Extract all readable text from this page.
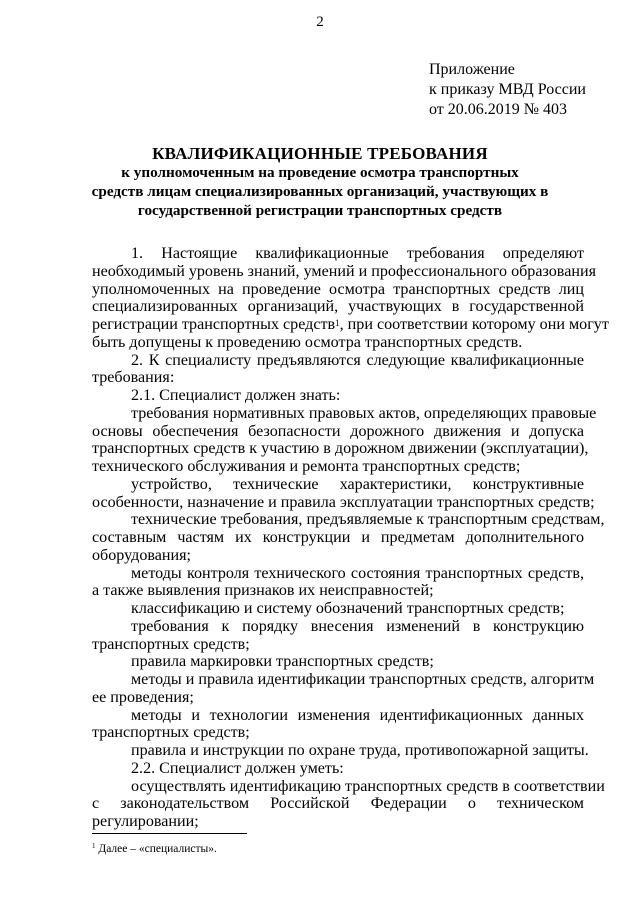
2
Приложение
к приказу МВД России
от 20.06.2019 № 403
КВАЛИФИКАЦИОННЫЕ ТРЕБОВАНИЯ
к уполномоченным на проведение осмотра транспортных
средств лицам специализированных организаций, участвующих в
государственной регистрации транспортных средств
1. Настоящие квалификационные требования определяют
необходимый уровень знаний, умений и профессионального образования
уполномоченных на проведение осмотра транспортных средств лиц
специализированных организаций, участвующих в государственной
регистрации транспортных средств$^1$, при соответствии которому они могут
быть допущены к проведению осмотра транспортных средств.
2. К специалисту предъявляются следующие квалификационные
требования:
2.1. Специалист должен знать:
требования нормативных правовых актов, определяющих правовые
основы обеспечения безопасности дорожного движения и допуска
транспортных средств к участию в дорожном движении (эксплуатации),
технического обслуживания и ремонта транспортных средств;
устройство, технические характеристики, конструктивные
особенности, назначение и правила эксплуатации транспортных средств;
технические требования, предъявляемые к транспортным средствам,
составным частям их конструкции и предметам дополнительного
оборудования;
методы контроля технического состояния транспортных средств,
а также выявления признаков их неисправностей;
классификацию и систему обозначений транспортных средств;
требования к порядку внесения изменений в конструкцию
транспортных средств;
правила маркировки транспортных средств;
методы и правила идентификации транспортных средств, алгоритм
ее проведения;
методы и технологии изменения идентификационных данных
транспортных средств;
правила и инструкции по охране труда, противопожарной защиты.
2.2. Специалист должен уметь:
осуществлять идентификацию транспортных средств в соответствии
с законодательством Российской Федерации о техническом
регулировании;
$^1$ Далее – «специалисты».
